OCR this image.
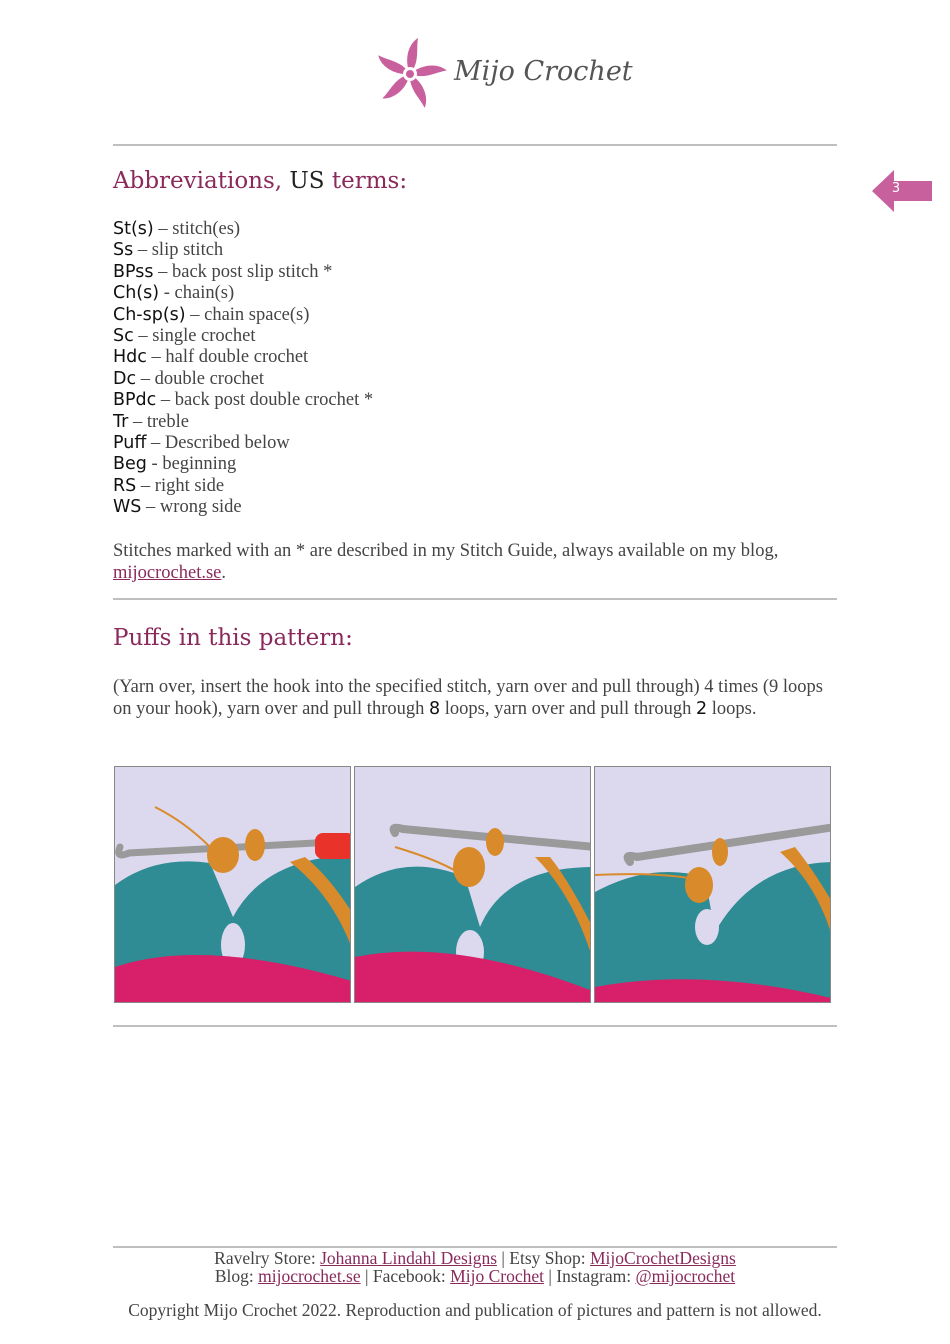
Mijo Crochet
3
Abbreviations, US terms:
St(s) – stitch(es)
Ss – slip stitch
BPss – back post slip stitch *
Ch(s) - chain(s)
Ch-sp(s) – chain space(s)
Sc – single crochet
Hdc – half double crochet
Dc – double crochet
BPdc – back post double crochet *
Tr – treble
Puff – Described below
Beg - beginning
RS – right side
WS – wrong side

Stitches marked with an * are described in my Stitch Guide, always available on my blog, mijocrochet.se.

Puffs in this pattern:

(Yarn over, insert the hook into the specified stitch, yarn over and pull through) 4 times (9 loops on your hook), yarn over and pull through 8 loops, yarn over and pull through 2 loops.

Ravelry Store: Johanna Lindahl Designs | Etsy Shop: MijoCrochetDesigns
Blog: mijocrochet.se | Facebook: Mijo Crochet | Instagram: @mijocrochet
Copyright Mijo Crochet 2022. Reproduction and publication of pictures and pattern is not allowed.
